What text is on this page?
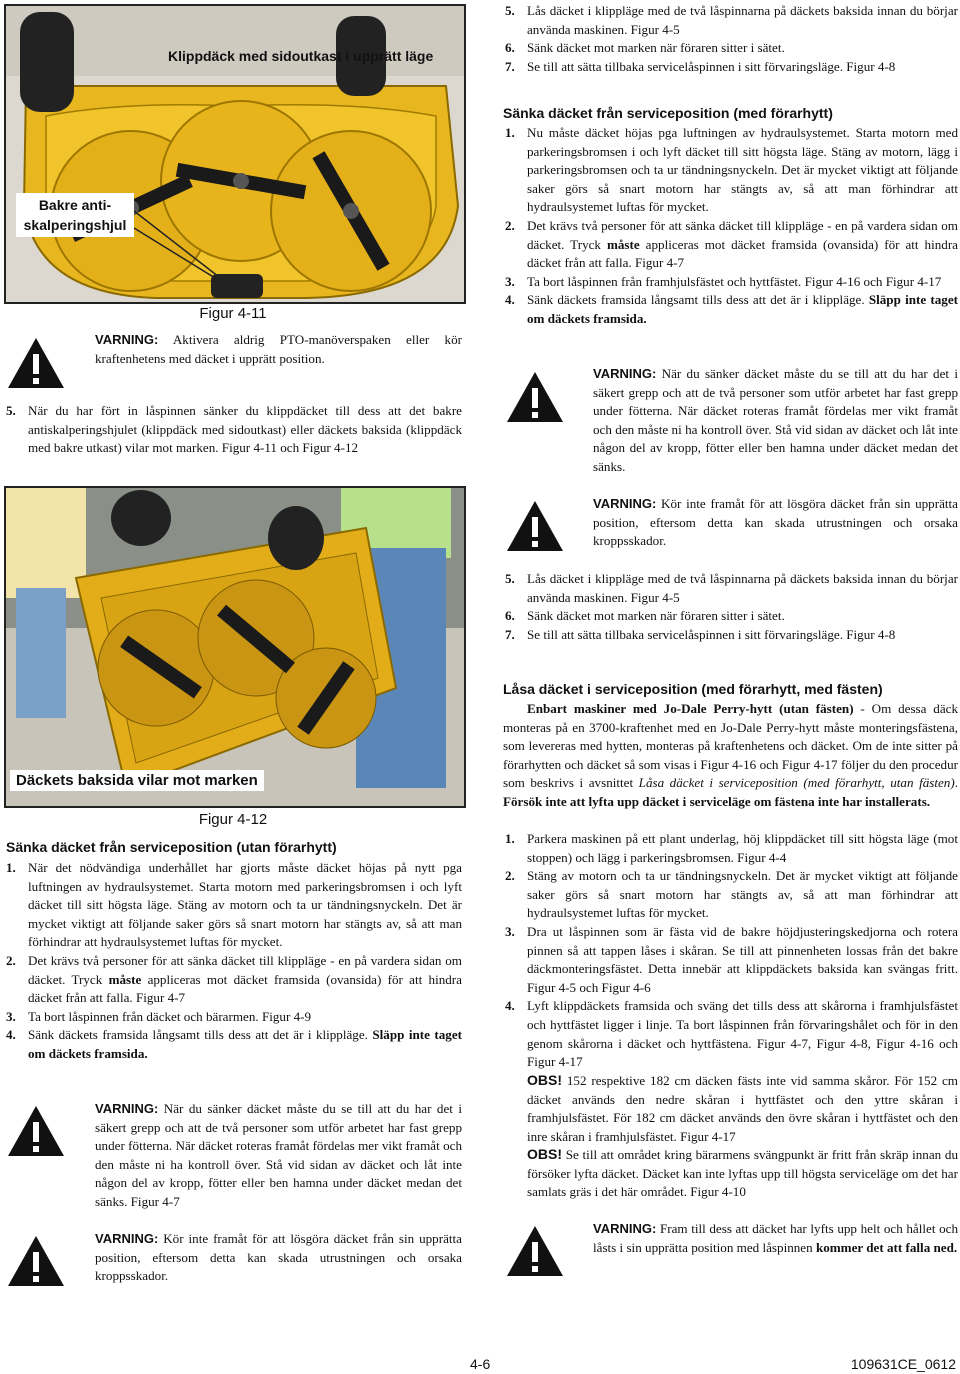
Klippdäck med sidoutkast i upprätt läge
Bakre anti-
skalperingshjul
Figur 4-11
VARNING: Aktivera aldrig PTO-manöverspaken eller kör kraftenhetens med däcket i upprätt position.
5. När du har fört in låspinnen sänker du klippdäcket till dess att det bakre antiskalperingshjulet (klippdäck med sidoutkast) eller däckets baksida (klippdäck med bakre utkast) vilar mot marken. Figur 4-11 och Figur 4-12
Däckets baksida vilar mot marken
Figur 4-12
Sänka däcket från serviceposition (utan förarhytt)
1. När det nödvändiga underhållet har gjorts måste däcket höjas på nytt pga luftningen av hydraulsystemet. Starta motorn med parkeringsbromsen i och lyft däcket till sitt högsta läge. Stäng av motorn och ta ur tändningsnyckeln. Det är mycket viktigt att följande saker görs så snart motorn har stängts av, så att man förhindrar att hydraulsystemet luftas för mycket.
2. Det krävs två personer för att sänka däcket till klippläge - en på vardera sidan om däcket. Tryck måste appliceras mot däcket framsida (ovansida) för att hindra däcket från att falla. Figur 4-7
3. Ta bort låspinnen från däcket och bärarmen. Figur 4-9
4. Sänk däckets framsida långsamt tills dess att det är i klippläge. Släpp inte taget om däckets framsida.
VARNING: När du sänker däcket måste du se till att du har det i säkert grepp och att de två personer som utför arbetet har fast grepp under fötterna. När däcket roteras framåt fördelas mer vikt framåt och den måste ni ha kontroll över. Stå vid sidan av däcket och låt inte någon del av kropp, fötter eller ben hamna under däcket medan det sänks. Figur 4-7
VARNING: Kör inte framåt för att lösgöra däcket från sin upprätta position, eftersom detta kan skada utrustningen och orsaka kroppsskador.
5. Lås däcket i klippläge med de två låspinnarna på däckets baksida innan du börjar använda maskinen. Figur 4-5
6. Sänk däcket mot marken när föraren sitter i sätet.
7. Se till att sätta tillbaka servicelåspinnen i sitt förvaringsläge. Figur 4-8
Sänka däcket från serviceposition (med förarhytt)
1. Nu måste däcket höjas pga luftningen av hydraulsystemet. Starta motorn med parkeringsbromsen i och lyft däcket till sitt högsta läge. Stäng av motorn, lägg i parkeringsbromsen och ta ur tändningsnyckeln. Det är mycket viktigt att följande saker görs så snart motorn har stängts av, så att man förhindrar att hydraulsystemet luftas för mycket.
2. Det krävs två personer för att sänka däcket till klippläge - en på vardera sidan om däcket. Tryck måste appliceras mot däcket framsida (ovansida) för att hindra däcket från att falla. Figur 4-7
3. Ta bort låspinnen från framhjulsfästet och hyttfästet. Figur 4-16 och Figur 4-17
4. Sänk däckets framsida långsamt tills dess att det är i klippläge. Släpp inte taget om däckets framsida.
VARNING: När du sänker däcket måste du se till att du har det i säkert grepp och att de två personer som utför arbetet har fast grepp under fötterna. När däcket roteras framåt fördelas mer vikt framåt och den måste ni ha kontroll över. Stå vid sidan av däcket och låt inte någon del av kropp, fötter eller ben hamna under däcket medan det sänks.
VARNING: Kör inte framåt för att lösgöra däcket från sin upprätta position, eftersom detta kan skada utrustningen och orsaka kroppsskador.
5. Lås däcket i klippläge med de två låspinnarna på däckets baksida innan du börjar använda maskinen. Figur 4-5
6. Sänk däcket mot marken när föraren sitter i sätet.
7. Se till att sätta tillbaka servicelåspinnen i sitt förvaringsläge. Figur 4-8
Låsa däcket i serviceposition (med förarhytt, med fästen)
Enbart maskiner med Jo-Dale Perry-hytt (utan fästen) - Om dessa däck monteras på en 3700-kraftenhet med en Jo-Dale Perry-hytt måste monteringsfästena, som levereras med hytten, monteras på kraftenhetens och däcket. Om de inte sitter på förarhytten och däcket så som visas i Figur 4-16 och Figur 4-17 följer du den procedur som beskrivs i avsnittet Låsa däcket i serviceposition (med förarhytt, utan fästen). Försök inte att lyfta upp däcket i serviceläge om fästena inte har installerats.
1. Parkera maskinen på ett plant underlag, höj klippdäcket till sitt högsta läge (mot stoppen) och lägg i parkeringsbromsen. Figur 4-4
2. Stäng av motorn och ta ur tändningsnyckeln. Det är mycket viktigt att följande saker görs så snart motorn har stängts av, så att man förhindrar att hydraulsystemet luftas för mycket.
3. Dra ut låspinnen som är fästa vid de bakre höjdjusteringskedjorna och rotera pinnen så att tappen låses i skåran. Se till att pinnenheten lossas från det bakre däckmonteringsfästet. Detta innebär att klippdäckets baksida kan svängas fritt. Figur 4-5 och Figur 4-6
4. Lyft klippdäckets framsida och sväng det tills dess att skårorna i framhjulsfästet och hyttfästet ligger i linje. Ta bort låspinnen från förvaringshålet och för in den genom skårorna i däcket och hyttfästena. Figur 4-7, Figur 4-8, Figur 4-16 och Figur 4-17
OBS! 152 respektive 182 cm däcken fästs inte vid samma skåror. För 152 cm däcket används den nedre skåran i hyttfästet och den yttre skåran i framhjulsfästet. För 182 cm däcket används den övre skåran i hyttfästet och den inre skåran i framhjulsfästet. Figur 4-17
OBS! Se till att området kring bärarmens svängpunkt är fritt från skräp innan du försöker lyfta däcket. Däcket kan inte lyftas upp till högsta serviceläge om det har samlats gräs i det här området. Figur 4-10
VARNING: Fram till dess att däcket har lyfts upp helt och hållet och låsts i sin upprätta position med låspinnen kommer det att falla ned.
4-6	109631CE_0612
